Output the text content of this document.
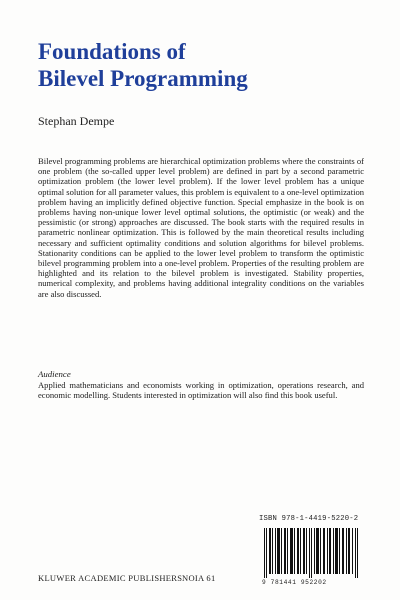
Foundations of
Bilevel Programming
Stephan Dempe

Bilevel programming problems are hierarchical optimization problems where the constraints of one problem (the so-called upper level problem) are defined in part by a second parametric optimization problem (the lower level problem). If the lower level problem has a unique optimal solution for all parameter values, this problem is equivalent to a one-level optimization problem having an implicitly defined objective function. Special emphasize in the book is on problems having non-unique lower level optimal solutions, the optimistic (or weak) and the pessimistic (or strong) approaches are discussed. The book starts with the required results in parametric nonlinear optimization. This is followed by the main theoretical results including necessary and sufficient optimality conditions and solution algorithms for bilevel problems. Stationarity conditions can be applied to the lower level problem to transform the optimistic bilevel programming problem into a one-level problem. Properties of the resulting problem are highlighted and its relation to the bilevel problem is investigated. Stability properties, numerical complexity, and problems having additional integrality conditions on the variables are also discussed.

Audience

Applied mathematicians and economists working in optimization, operations research, and economic modelling. Students interested in optimization will also find this book useful.

ISBN 978-1-4419-5220-2
9 781441 952202
KLUWER ACADEMIC PUBLISHERS NOIA 61
